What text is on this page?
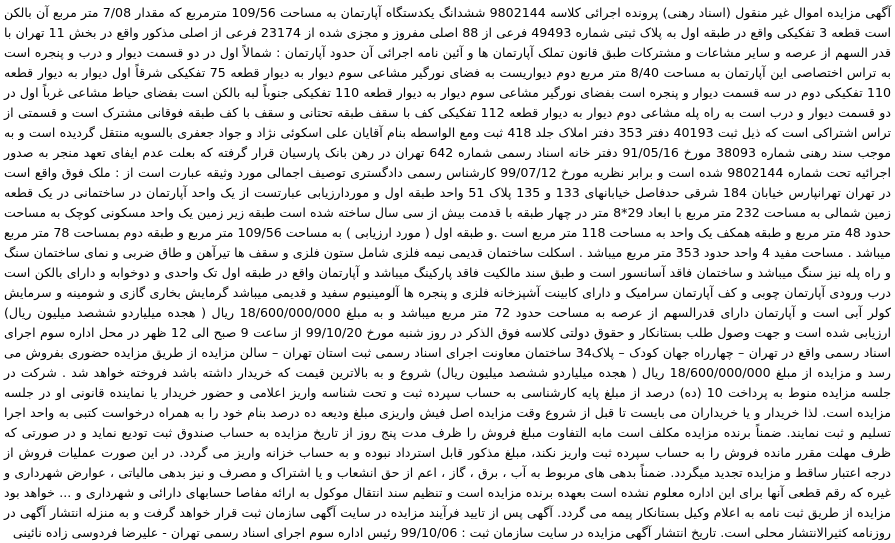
آگهی مزایده اموال غیر منقول (اسناد رهنی) پرونده اجرائی کلاسه 9802144 ششدانگ یکدستگاه آپارتمان به مساحت 109/56 مترمربع که مقدار 7/08 متر مربع آن بالکن است قطعه 3 تفکیکی واقع در طبقه اول به پلاک ثبتی شماره 49493 فرعی از 88 اصلی مفروز و مجزی شده از 23174 فرعی از اصلی مذکور واقع در بخش 11 تهران با قدر السهم از عرصه و سایر مشاعات و مشترکات طبق قانون تملک آپارتمان ها و آئین نامه اجرائی آن حدود آپارتمان : شمالاً اول در دو قسمت دیوار و درب و پنجره است به تراس اختصاصی این آپارتمان به مساحت 8/40 متر مربع دوم دیواریست به فضای نورگیر مشاعی سوم دیوار به دیوار قطعه 75 تفکیکی شرقاً اول دیوار به دیوار قطعه 110 تفکیکی دوم در سه قسمت دیوار و پنجره است بفضای نورگیر مشاعی سوم دیوار به دیوار قطعه 110 تفکیکی جنوباً لبه بالکن است بفضای حیاط مشاعی غرباً اول در دو قسمت دیوار و درب است به راه پله مشاعی دوم دیوار به دیوار قطعه 112 تفکیکی کف با سقف طبقه تحتانی و سقف با کف طبقه فوقانی مشترک است و قسمتی از تراس اشتراکی است که ذیل ثبت 40193 دفتر 353 دفتر املاک جلد 418 ثبت ومع الواسطه بنام آقایان علی اسکوئی نژاد و جواد جعفری بالسویه منتقل گردیده است و به موجب سند رهنی شماره 38093 مورخ 91/05/16 دفتر خانه اسناد رسمی شماره 642 تهران در رهن بانک پارسیان قرار گرفته که بعلت عدم ایفای تعهد منجر به صدور اجرائیه تحت شماره 9802144 شده است و برابر نظریه مورخ 99/07/12 کارشناس رسمی دادگستری توصیف اجمالی مورد وثیقه عبارت است از : ملک فوق واقع است در تهران تهرانپارس خیابان 184 شرقی حدفاصل خیابانهای 133 و 135 پلاک 51 واحد طبقه اول و موردارزیابی عبارتست از یک واحد آپارتمان در ساختمانی در یک قطعه زمین شمالی به مساحت 232 متر مربع با ابعاد 29*8 متر در چهار طبقه با قدمت بیش از سی سال ساخته شده است طبقه زیر زمین یک واحد مسکونی کوچک به مساحت حدود 48 متر مربع و طبقه همکف یک واحد به مساحت 118 متر مربع است .و طبقه اول ( مورد ارزیابی ) به مساحت 109/56 متر مربع و طبقه دوم بمساحت 78 متر مربع میباشد . مساحت مفید 4 واحد حدود 353 متر مربع میباشد . اسکلت ساختمان قدیمی نیمه فلزی شامل ستون فلزی و سقف ها تیرآهن و طاق ضربی و نمای ساختمان سنگ و راه پله نیز سنگ میباشد و ساختمان فاقد آسانسور است و طبق سند مالکیت فاقد پارکینگ میباشد و آپارتمان واقع در طبقه اول تک واحدی و دوخوابه و دارای بالکن است درب ورودی آپارتمان چوبی و کف آپارتمان سرامیک و دارای کابینت آشپزخانه فلزی و پنجره ها آلومینیوم سفید و قدیمی میباشد گرمایش بخاری گازی و شومینه و سرمایش کولر آبی است و آپارتمان دارای قدرالسهم از عرصه به مساحت حدود 72 متر مربع میباشد و به مبلغ 18/600/000/000 ریال ( هجده میلیاردو ششصد میلیون ریال) ارزیابی شده است و جهت وصول طلب بستانکار و حقوق دولتی کلاسه فوق الذکر در روز شنبه مورخ 99/10/20 از ساعت 9 صبح الی 12 ظهر در محل اداره سوم اجرای اسناد رسمی واقع در تهران – چهارراه جهان کودک – پلاک34 ساختمان معاونت اجرای اسناد رسمی ثبت استان تهران – سالن مزایده از طریق مزایده حضوری بفروش می رسد و مزایده از مبلغ 18/600/000/000 ریال ( هجده میلیاردو ششصد میلیون ریال) شروع و به بالاترین قیمت که خریدار داشته باشد فروخته خواهد شد . شرکت در جلسه مزایده منوط به پرداخت 10 (ده) درصد از مبلغ پایه کارشناسی به حساب سپرده ثبت و تحت شناسه واریز اعلامی و حضور خریدار یا نماینده قانونی او در جلسه مزایده است. لذا خریدار و یا خریداران می بایست تا قبل از شروع وقت مزایده اصل فیش واریزی مبلغ ودیعه ده درصد بنام خود را به همراه درخواست کتبی به واحد اجرا تسلیم و ثبت نمایند. ضمناً برنده مزایده مکلف است مابه التفاوت مبلغ فروش را ظرف مدت پنج روز از تاریخ مزایده به حساب صندوق ثبت تودیع نماید و در صورتی که ظرف مهلت مقرر مانده فروش را به حساب سپرده ثبت واریز نکند، مبلغ مذکور قابل استرداد نبوده و به حساب خزانه واریز می گردد. در این صورت عملیات فروش از درجه اعتبار ساقط و مزایده تجدید میگردد. ضمناً بدهی های مربوط به آب ، برق ، گاز ، اعم از حق انشعاب و یا اشتراک و مصرف و نیز بدهی مالیاتی ، عوارض شهرداری و غیره که رقم قطعی آنها برای این اداره معلوم نشده است بعهده برنده مزایده است و تنظیم سند انتقال موکول به ارائه مفاصا حسابهای دارائی و شهرداری و ... خواهد بود مزایده از طریق ثبت نامه به اعلام وکیل بستانکار پیمه می گردد. آگهی پس از تایید فرآیند مزایده در سایت آگهی سازمان ثبت قرار خواهد گرفت و به منزله انتشار آگهی در روزنامه کثیرالانتشار محلی است. تاریخ انتشار آگهی مزایده در سایت سازمان ثبت : 99/10/06 رئیس اداره سوم اجرای اسناد رسمی تهران - علیرضا فردوسی زاده نائینی
